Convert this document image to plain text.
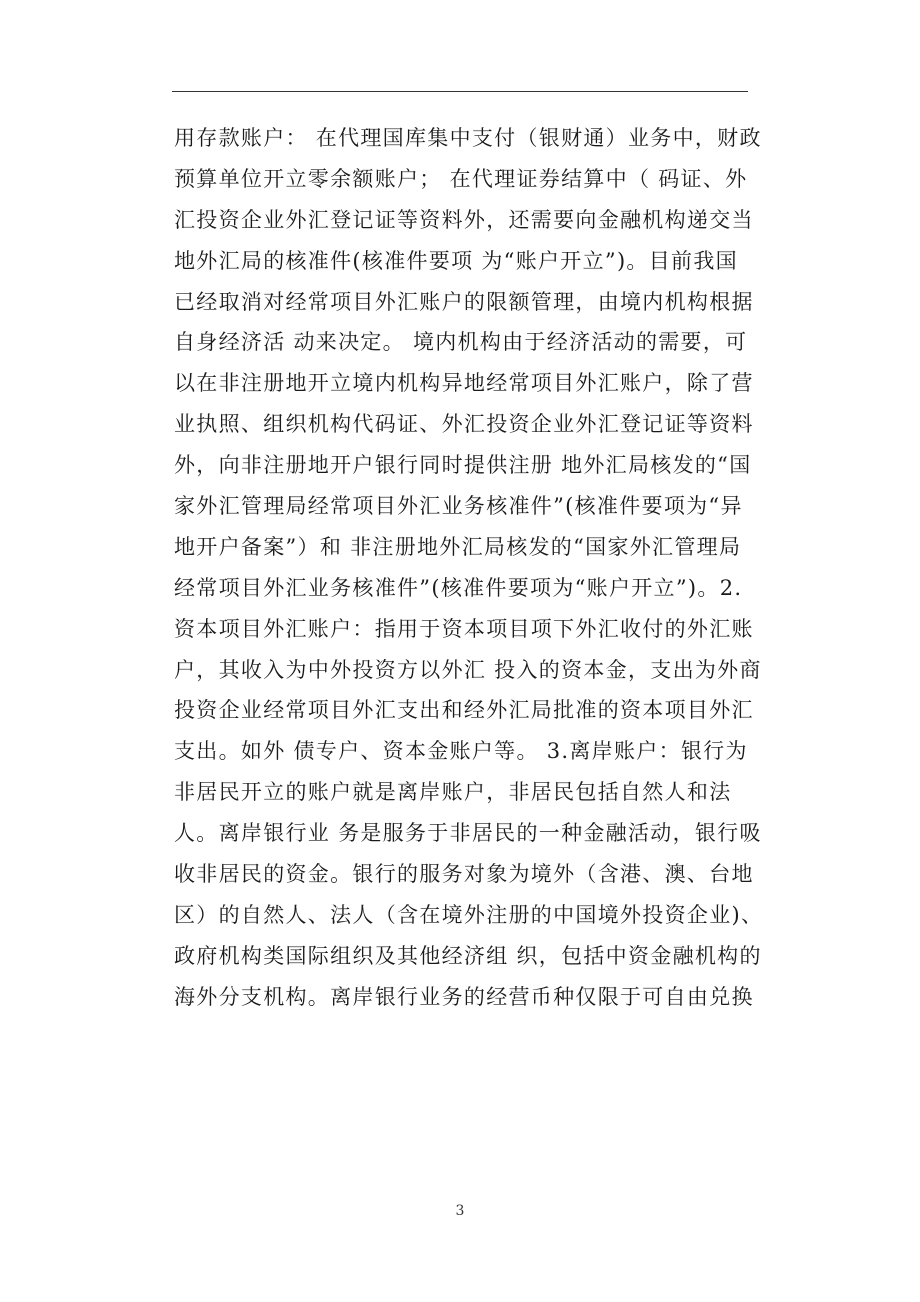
用存款账户： 在代理国库集中支付（银财通）业务中，财政
预算单位开立零余额账户； 在代理证券结算中（ 码证、外
汇投资企业外汇登记证等资料外，还需要向金融机构递交当
地外汇局的核准件(核准件要项 为“账户开立”)。目前我国
已经取消对经常项目外汇账户的限额管理，由境内机构根据
自身经济活 动来决定。 境内机构由于经济活动的需要，可
以在非注册地开立境内机构异地经常项目外汇账户，除了营
业执照、组织机构代码证、外汇投资企业外汇登记证等资料
外，向非注册地开户银行同时提供注册 地外汇局核发的“国
家外汇管理局经常项目外汇业务核准件”(核准件要项为“异
地开户备案”）和 非注册地外汇局核发的“国家外汇管理局
经常项目外汇业务核准件”(核准件要项为“账户开立”)。2.
资本项目外汇账户：指用于资本项目项下外汇收付的外汇账
户，其收入为中外投资方以外汇 投入的资本金，支出为外商
投资企业经常项目外汇支出和经外汇局批准的资本项目外汇
支出。如外 债专户、资本金账户等。 3.离岸账户：银行为
非居民开立的账户就是离岸账户，非居民包括自然人和法
人。离岸银行业 务是服务于非居民的一种金融活动，银行吸
收非居民的资金。银行的服务对象为境外（含港、澳、台地
区）的自然人、法人（含在境外注册的中国境外投资企业)、
政府机构类国际组织及其他经济组 织，包括中资金融机构的
海外分支机构。离岸银行业务的经营币种仅限于可自由兑换
3
